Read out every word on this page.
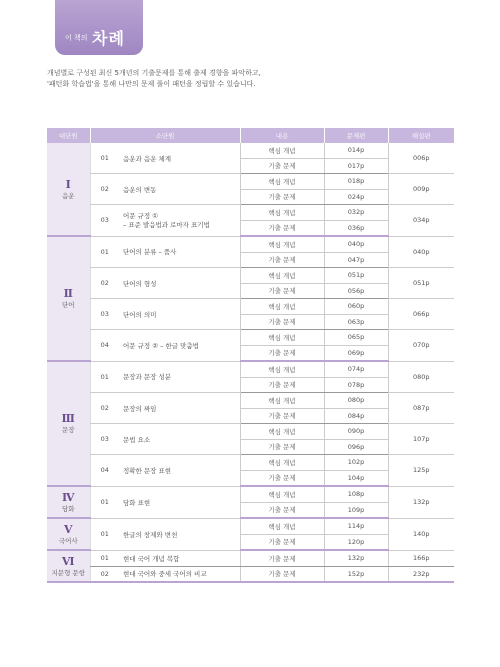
이 책의 차례
개념별로 구성된 최신 5개년의 기출문제를 통해 출제 경향을 파악하고,
'패턴화 학습법'을 통해 나만의 문제 풀이 패턴을 정립할 수 있습니다.
대단원	소단원		내용	문제편	해설편

Ⅰ
음운	01	음운과 음운 체계	핵심 개념	014p	006p
			기출 문제	017p	
	02	음운의 변동	핵심 개념	018p	009p
			기출 문제	024p	
	03	어문 규정 ①
– 표준 발음법과 로마자 표기법	핵심 개념	032p	034p
			기출 문제	036p	

Ⅱ
단어	01	단어의 분류 – 품사	핵심 개념	040p	040p
			기출 문제	047p	
	02	단어의 형성	핵심 개념	051p	051p
			기출 문제	056p	
	03	단어의 의미	핵심 개념	060p	066p
			기출 문제	063p	
	04	어문 규정 ② – 한글 맞춤법	핵심 개념	065p	070p
			기출 문제	069p	

Ⅲ
문장	01	문장과 문장 성분	핵심 개념	074p	080p
			기출 문제	078p	
	02	문장의 짜임	핵심 개념	080p	087p
			기출 문제	084p	
	03	문법 요소	핵심 개념	090p	107p
			기출 문제	096p	
	04	정확한 문장 표현	핵심 개념	102p	125p
			기출 문제	104p	

Ⅳ
담화	01	담화 표현	핵심 개념	108p	132p
			기출 문제	109p	

Ⅴ
국어사	01	한글의 창제와 변천	핵심 개념	114p	140p
			기출 문제	120p	

Ⅵ
지문형 문항	01	현대 국어 개념 복합	기출 문제	132p	166p
	02	현대 국어와 중세 국어의 비교	기출 문제	152p	232p
